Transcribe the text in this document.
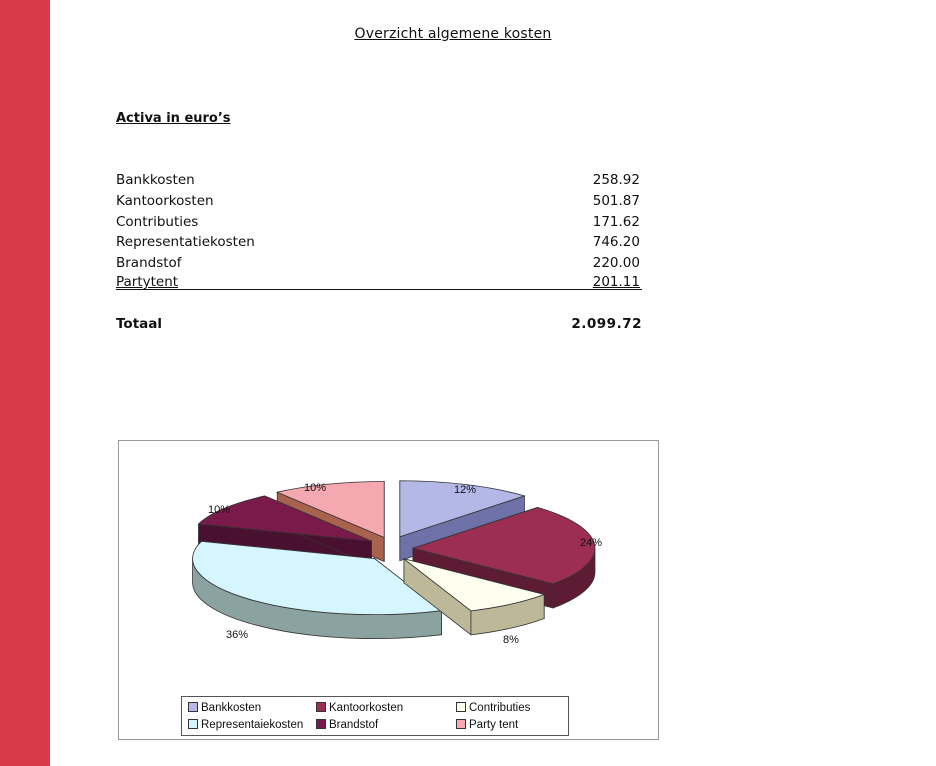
Overzicht algemene kosten
Activa in euro’s
Bankkosten	258.92
Kantoorkosten	501.87
Contributies	171.62
Representatiekosten	746.20
Brandstof	220.00
Partytent	201.11
Totaal	2.099.72
12%
24%
8%
36%
10%
10%
Bankkosten	Kantoorkosten	Contributies
Representaiekosten	Brandstof	Party tent
